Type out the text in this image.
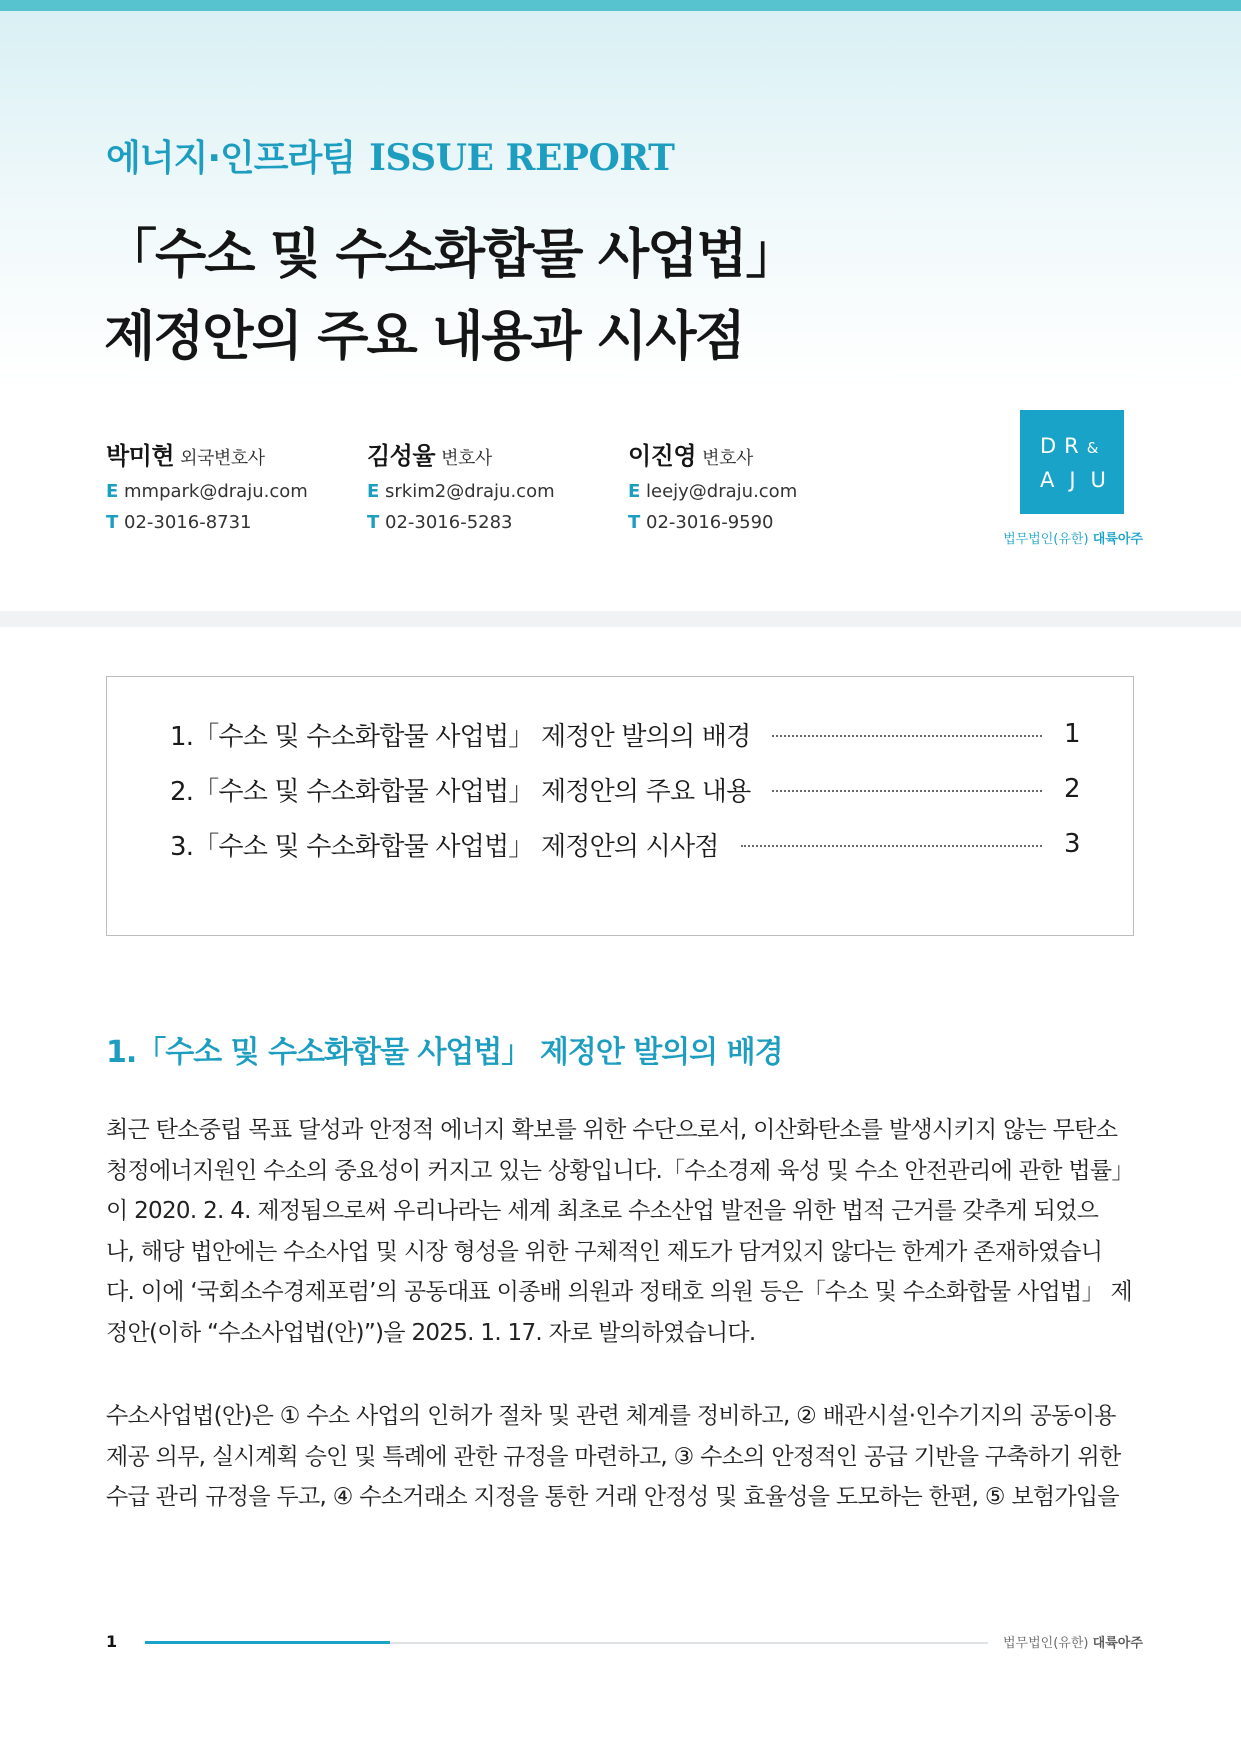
에너지·인프라팀 ISSUE REPORT
「수소 및 수소화합물 사업법」
제정안의 주요 내용과 시사점
박미현 외국변호사
E mmpark@draju.com
T 02-3016-8731
김성율 변호사
E srkim2@draju.com
T 02-3016-5283
이진영 변호사
E leejy@draju.com
T 02-3016-9590
DR&
AJU
법무법인(유한) 대륙아주
1.「수소 및 수소화합물 사업법」 제정안 발의의 배경	1
2.「수소 및 수소화합물 사업법」 제정안의 주요 내용	2
3.「수소 및 수소화합물 사업법」 제정안의 시사점	3
1.「수소 및 수소화합물 사업법」 제정안 발의의 배경
최근 탄소중립 목표 달성과 안정적 에너지 확보를 위한 수단으로서, 이산화탄소를 발생시키지 않는 무탄소
청정에너지원인 수소의 중요성이 커지고 있는 상황입니다.「수소경제 육성 및 수소 안전관리에 관한 법률」
이 2020. 2. 4. 제정됨으로써 우리나라는 세계 최초로 수소산업 발전을 위한 법적 근거를 갖추게 되었으
나, 해당 법안에는 수소사업 및 시장 형성을 위한 구체적인 제도가 담겨있지 않다는 한계가 존재하였습니
다. 이에 ‘국회소수경제포럼’의 공동대표 이종배 의원과 정태호 의원 등은「수소 및 수소화합물 사업법」 제
정안(이하 “수소사업법(안)”)을 2025. 1. 17. 자로 발의하였습니다.
수소사업법(안)은 ① 수소 사업의 인허가 절차 및 관련 체계를 정비하고, ② 배관시설·인수기지의 공동이용
제공 의무, 실시계획 승인 및 특례에 관한 규정을 마련하고, ③ 수소의 안정적인 공급 기반을 구축하기 위한
수급 관리 규정을 두고, ④ 수소거래소 지정을 통한 거래 안정성 및 효율성을 도모하는 한편, ⑤ 보험가입을
1	법무법인(유한) 대륙아주
